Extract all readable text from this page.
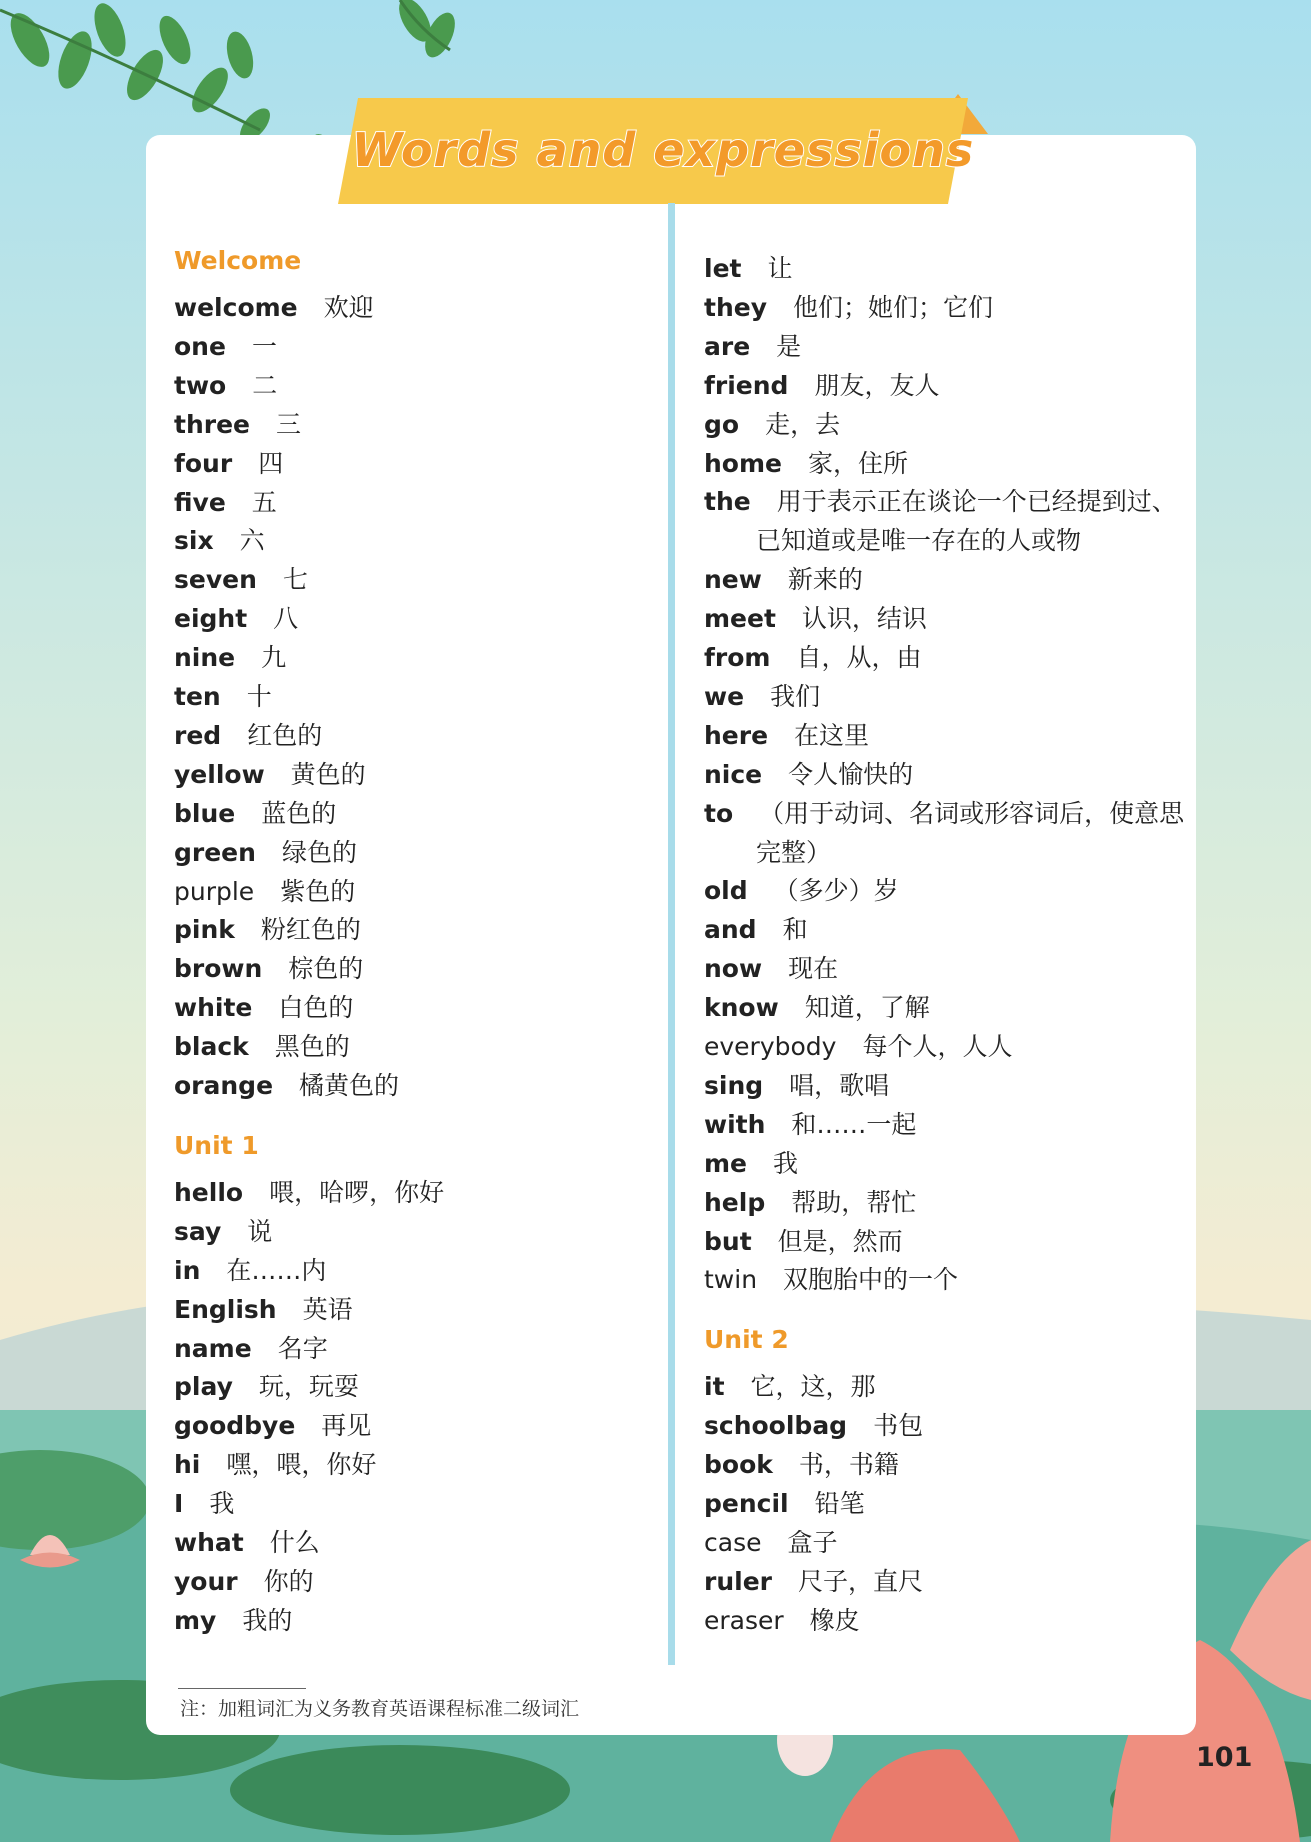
Words and expressions
Welcome
welcome 欢迎
one 一
two 二
three 三
four 四
five 五
six 六
seven 七
eight 八
nine 九
ten 十
red 红色的
yellow 黄色的
blue 蓝色的
green 绿色的
purple 紫色的
pink 粉红色的
brown 棕色的
white 白色的
black 黑色的
orange 橘黄色的
Unit 1
hello 喂，哈啰，你好
say 说
in 在……内
English 英语
name 名字
play 玩，玩耍
goodbye 再见
hi 嘿，喂，你好
I 我
what 什么
your 你的
my 我的
let 让
they 他们；她们；它们
are 是
friend 朋友，友人
go 走，去
home 家，住所
the 用于表示正在谈论一个已经提到过、
已知道或是唯一存在的人或物
new 新来的
meet 认识，结识
from 自，从，由
we 我们
here 在这里
nice 令人愉快的
to （用于动词、名词或形容词后，使意思
完整）
old （多少）岁
and 和
now 现在
know 知道，了解
everybody 每个人，人人
sing 唱，歌唱
with 和……一起
me 我
help 帮助，帮忙
but 但是，然而
twin 双胞胎中的一个
Unit 2
it 它，这，那
schoolbag 书包
book 书，书籍
pencil 铅笔
case 盒子
ruler 尺子，直尺
eraser 橡皮
注：加粗词汇为义务教育英语课程标准二级词汇
101
